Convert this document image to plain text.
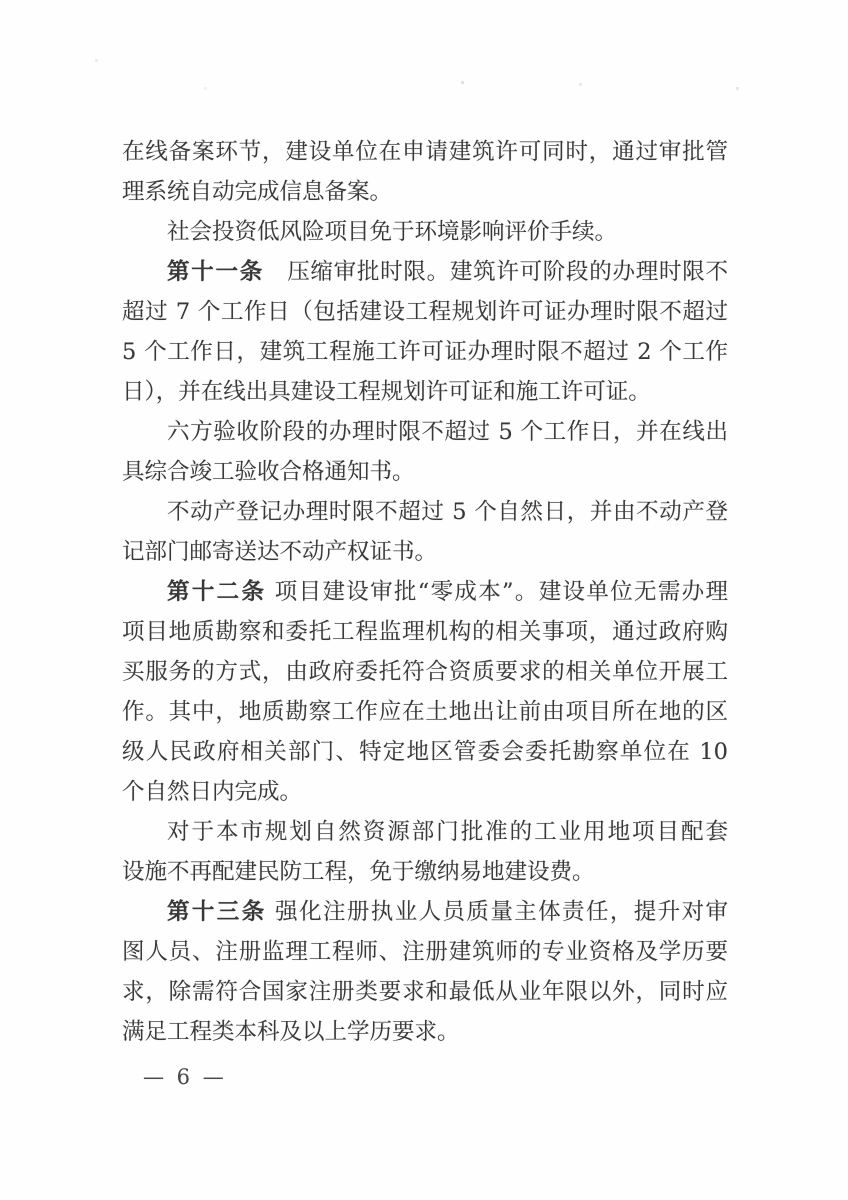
在线备案环节，建设单位在申请建筑许可同时，通过审批管
理系统自动完成信息备案。
社会投资低风险项目免于环境影响评价手续。
第十一条　压缩审批时限。建筑许可阶段的办理时限不
超过 7 个工作日（包括建设工程规划许可证办理时限不超过
5 个工作日，建筑工程施工许可证办理时限不超过 2 个工作
日），并在线出具建设工程规划许可证和施工许可证。
六方验收阶段的办理时限不超过 5 个工作日，并在线出
具综合竣工验收合格通知书。
不动产登记办理时限不超过 5 个自然日，并由不动产登
记部门邮寄送达不动产权证书。
第十二条 项目建设审批“零成本”。建设单位无需办理
项目地质勘察和委托工程监理机构的相关事项，通过政府购
买服务的方式，由政府委托符合资质要求的相关单位开展工
作。其中，地质勘察工作应在土地出让前由项目所在地的区
级人民政府相关部门、特定地区管委会委托勘察单位在 10
个自然日内完成。
对于本市规划自然资源部门批准的工业用地项目配套
设施不再配建民防工程，免于缴纳易地建设费。
第十三条 强化注册执业人员质量主体责任，提升对审
图人员、注册监理工程师、注册建筑师的专业资格及学历要
求，除需符合国家注册类要求和最低从业年限以外，同时应
满足工程类本科及以上学历要求。
— 6 —
